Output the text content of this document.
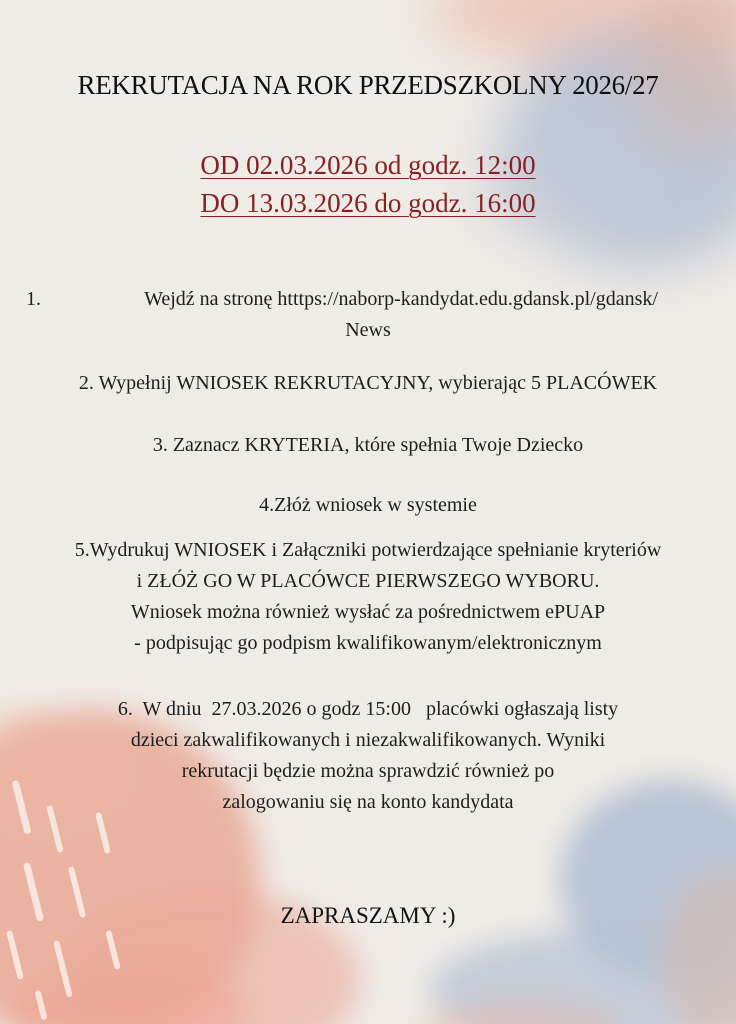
REKRUTACJA NA ROK PRZEDSZKOLNY 2026/27
OD 02.03.2026 od godz. 12:00
DO 13.03.2026 do godz. 16:00
1.	Wejdź na stronę htttps://naborp-kandydat.edu.gdansk.pl/gdansk/
News
2. Wypełnij WNIOSEK REKRUTACYJNY, wybierając 5 PLACÓWEK
3. Zaznacz KRYTERIA, które spełnia Twoje Dziecko
4.Złóż wniosek w systemie
5.Wydrukuj WNIOSEK i Załączniki potwierdzające spełnianie kryteriów
i ZŁÓŻ GO W PLACÓWCE PIERWSZEGO WYBORU.
Wniosek można również wysłać za pośrednictwem ePUAP
- podpisując go podpism kwalifikowanym/elektronicznym
6.  W dniu  27.03.2026 o godz 15:00   placówki ogłaszają listy
dzieci zakwalifikowanych i niezakwalifikowanych. Wyniki
rekrutacji będzie można sprawdzić również po
zalogowaniu się na konto kandydata
ZAPRASZAMY :)
